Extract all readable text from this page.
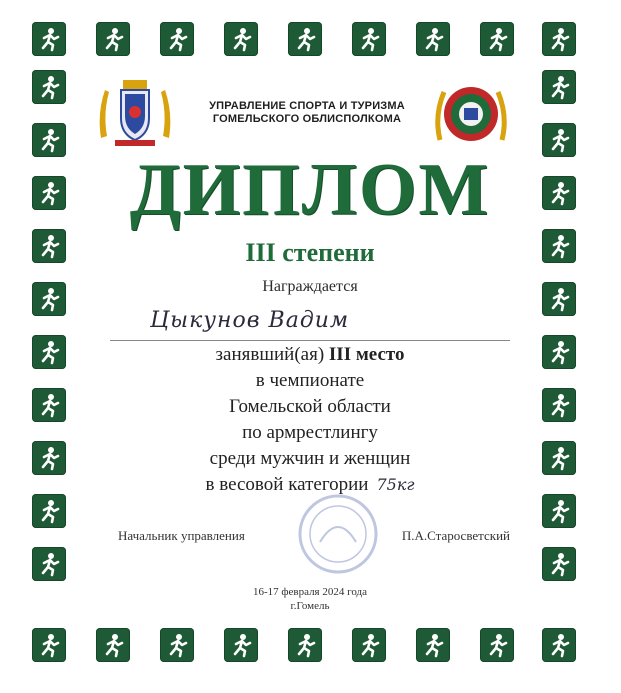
УПРАВЛЕНИЕ СПОРТА И ТУРИЗМА
ГОМЕЛЬСКОГО ОБЛИСПОЛКОМА
ДИПЛОМ
III степени
Награждается
Цыкунов Вадим
занявший(ая) III место
в чемпионате
Гомельской области
по армрестлингу
среди мужчин и женщин
в весовой категории 75кг
Начальник управления	П.А.Старосветский
16-17 февраля 2024 года
г.Гомель
